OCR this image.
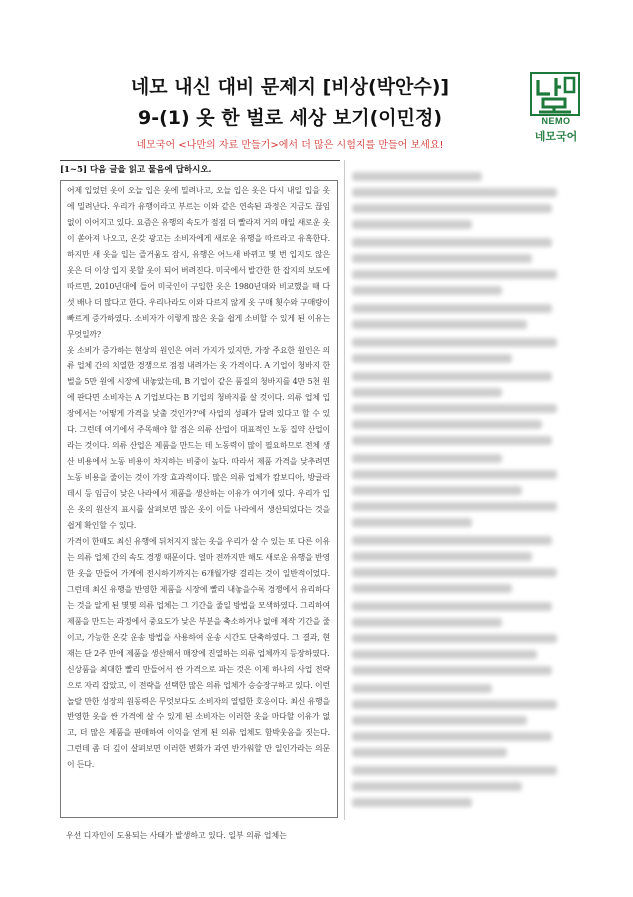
네모 내신 대비 문제지 [비상(박안수)]
9-(1) 옷 한 벌로 세상 보기(이민정)
네모국어 <나만의 자료 만들기>에서 더 많은 시험지를 만들어 보세요!
NEMO
네모국어
[1~5] 다음 글을 읽고 물음에 답하시오.

어제 입었던 옷이 오늘 입은 옷에 밀려나고, 오늘 입은 옷은 다시 내일 입을 옷에 밀려난다. 우리가 유행이라고 부르는 이와 같은 연속된 과정은 지금도 끊임없이 이어지고 있다. 요즘은 유행의 속도가 점점 더 빨라져 거의 매일 새로운 옷이 쏟아져 나오고, 온갖 광고는 소비자에게 새로운 유행을 따르라고 유혹한다. 하지만 새 옷을 입는 즐거움도 잠시, 유행은 어느새 바뀌고 몇 번 입지도 않은 옷은 더 이상 입지 못할 옷이 되어 버려진다. 미국에서 발간한 한 잡지의 보도에 따르면, 2010년대에 들어 미국인이 구입한 옷은 1980년대와 비교했을 때 다섯 배나 더 많다고 한다. 우리나라도 이와 다르지 않게 옷 구매 횟수와 구매량이 빠르게 증가하였다. 소비자가 이렇게 많은 옷을 쉽게 소비할 수 있게 된 이유는 무엇일까?

옷 소비가 증가하는 현상의 원인은 여러 가지가 있지만, 가장 주요한 원인은 의류 업체 간의 치열한 경쟁으로 점점 내려가는 옷 가격이다. A 기업이 청바지 한 벌을 5만 원에 시장에 내놓았는데, B 기업이 같은 품질의 청바지를 4만 5천 원에 판다면 소비자는 A 기업보다는 B 기업의 청바지를 살 것이다. 의류 업체 입장에서는 '어떻게 가격을 낮출 것인가?'에 사업의 성패가 달려 있다고 할 수 있다. 그런데 여기에서 주목해야 할 점은 의류 산업이 대표적인 노동 집약 산업이라는 것이다. 의류 산업은 제품을 만드는 데 노동력이 많이 필요하므로 전체 생산 비용에서 노동 비용이 차지하는 비중이 높다. 따라서 제품 가격을 낮추려면 노동 비용을 줄이는 것이 가장 효과적이다. 많은 의류 업체가 캄보디아, 방글라데시 등 임금이 낮은 나라에서 제품을 생산하는 이유가 여기에 있다. 우리가 입은 옷의 원산지 표시를 살펴보면 많은 옷이 이들 나라에서 생산되었다는 것을 쉽게 확인할 수 있다.

가격이 한때도 최신 유행에 뒤처지지 않는 옷을 우리가 살 수 있는 또 다른 이유는 의류 업체 간의 속도 경쟁 때문이다. 얼마 전까지만 해도 새로운 유행을 반영한 옷을 만들어 가게에 전시하기까지는 6개월가량 걸리는 것이 일반적이었다. 그런데 최신 유행을 반영한 제품을 시장에 빨리 내놓을수록 경쟁에서 유리하다는 것을 알게 된 몇몇 의류 업체는 그 기간을 줄일 방법을 모색하였다. 그리하여 제품을 만드는 과정에서 중요도가 낮은 부분을 축소하거나 없애 제작 기간을 줄이고, 가능한 온갖 운송 방법을 사용하여 운송 시간도 단축하였다. 그 결과, 현재는 단 2주 만에 제품을 생산해서 매장에 진열하는 의류 업체까지 등장하였다.

신상품을 최대한 빨리 만들어서 싼 가격으로 파는 것은 이제 하나의 사업 전략으로 자리 잡았고, 이 전략을 선택한 많은 의류 업체가 승승장구하고 있다. 이런 놀랄 만한 성장의 원동력은 무엇보다도 소비자의 열렬한 호응이다. 최신 유행을 반영한 옷을 싼 가격에 살 수 있게 된 소비자는 이러한 옷을 마다할 이유가 없고, 더 많은 제품을 판매하여 이익을 얻게 된 의류 업체도 함박웃음을 짓는다. 그런데 좀 더 깊이 살펴보면 이러한 변화가 과연 반가워할 만 일인가라는 의문이 든다.

우선 디자인이 도용되는 사태가 발생하고 있다. 일부 의류 업체는
